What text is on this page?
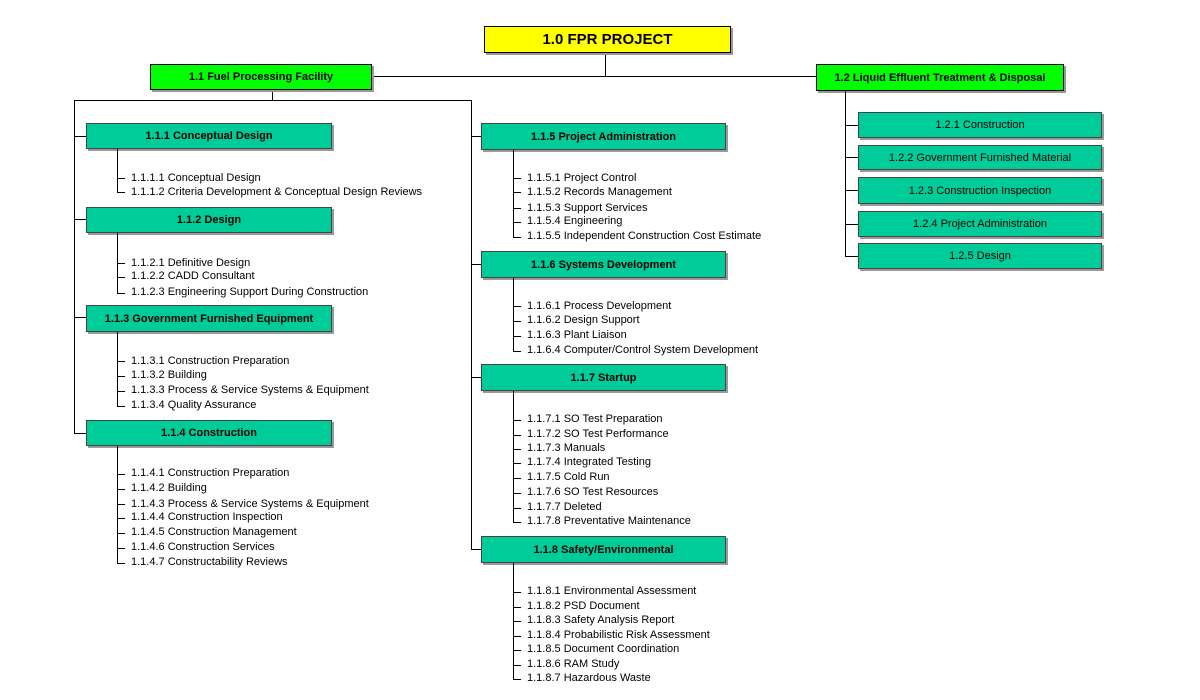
1.0 FPR PROJECT
1.1 Fuel Processing Facility	1.2 Liquid Effluent Treatment & Disposal
1.1.1 Conceptual Design
1.1.1.1 Conceptual Design
1.1.1.2 Criteria Development & Conceptual Design Reviews
1.1.2 Design
1.1.2.1 Definitive Design
1.1.2.2 CADD Consultant
1.1.2.3 Engineering Support During Construction
1.1.3 Government Furnished Equipment
1.1.3.1 Construction Preparation
1.1.3.2 Building
1.1.3.3 Process & Service Systems & Equipment
1.1.3.4 Quality Assurance
1.1.4 Construction
1.1.4.1 Construction Preparation
1.1.4.2 Building
1.1.4.3 Process & Service Systems & Equipment
1.1.4.4 Construction Inspection
1.1.4.5 Construction Management
1.1.4.6 Construction Services
1.1.4.7 Constructability Reviews
1.1.5 Project Administration
1.1.5.1 Project Control
1.1.5.2 Records Management
1.1.5.3 Support Services
1.1.5.4 Engineering
1.1.5.5 Independent Construction Cost Estimate
1.1.6 Systems Development
1.1.6.1 Process Development
1.1.6.2 Design Support
1.1.6.3 Plant Liaison
1.1.6.4 Computer/Control System Development
1.1.7 Startup
1.1.7.1 SO Test Preparation
1.1.7.2 SO Test Performance
1.1.7.3 Manuals
1.1.7.4 Integrated Testing
1.1.7.5 Cold Run
1.1.7.6 SO Test Resources
1.1.7.7 Deleted
1.1.7.8 Preventative Maintenance
1.1.8 Safety/Environmental
1.1.8.1 Environmental Assessment
1.1.8.2 PSD Document
1.1.8.3 Safety Analysis Report
1.1.8.4 Probabilistic Risk Assessment
1.1.8.5 Document Coordination
1.1.8.6 RAM Study
1.1.8.7 Hazardous Waste
1.2.1 Construction
1.2.2 Government Furnished Material
1.2.3 Construction Inspection
1.2.4 Project Administration
1.2.5 Design
